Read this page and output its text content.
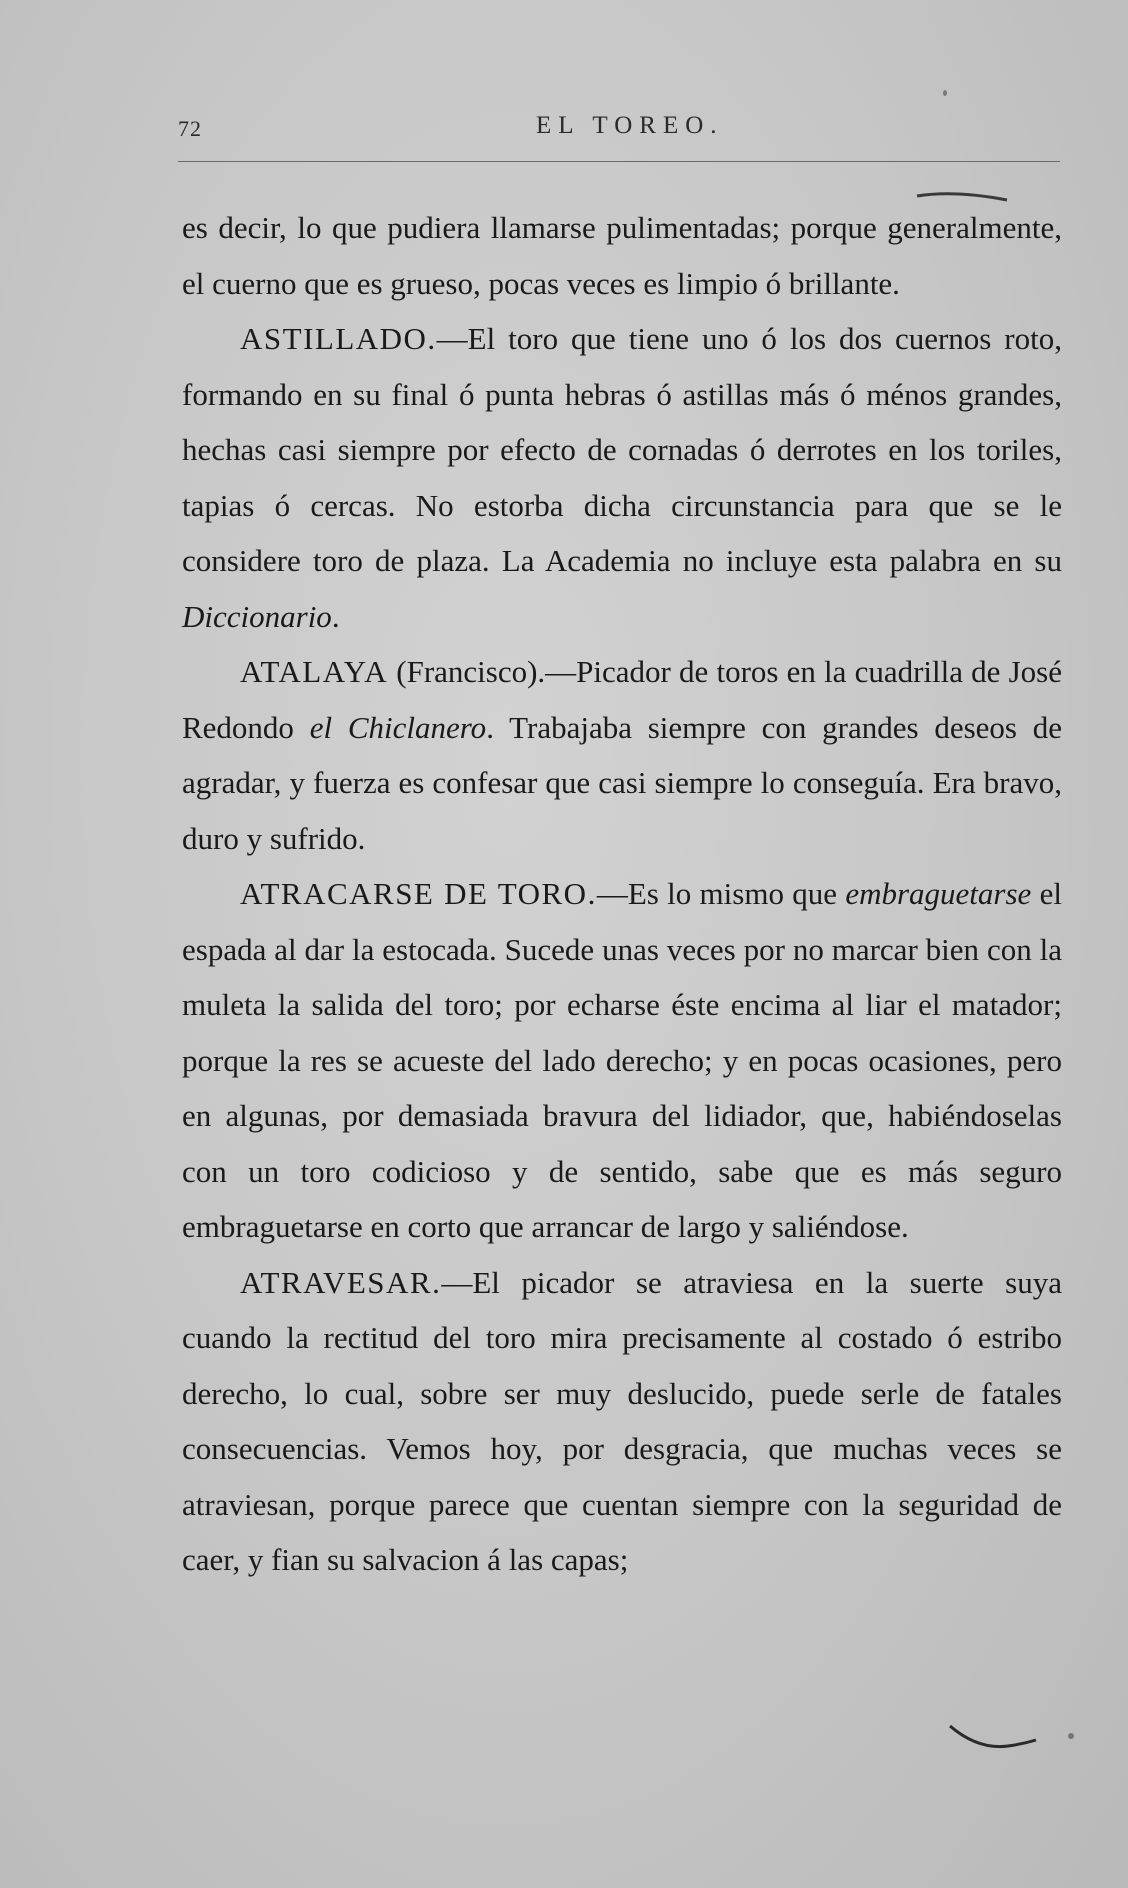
72	EL TOREO.

es decir, lo que pudiera llamarse pulimentadas; porque generalmente, el cuerno que es grueso, pocas veces es limpio ó brillante.

ASTILLADO.—El toro que tiene uno ó los dos cuernos roto, formando en su final ó punta hebras ó astillas más ó ménos grandes, hechas casi siempre por efecto de cornadas ó derrotes en los toriles, tapias ó cercas. No estorba dicha circunstancia para que se le considere toro de plaza. La Academia no incluye esta palabra en su Diccionario.

ATALAYA (Francisco).—Picador de toros en la cuadrilla de José Redondo el Chiclanero. Trabajaba siempre con grandes deseos de agradar, y fuerza es confesar que casi siempre lo conseguía. Era bravo, duro y sufrido.

ATRACARSE DE TORO.—Es lo mismo que embraguetarse el espada al dar la estocada. Sucede unas veces por no marcar bien con la muleta la salida del toro; por echarse éste encima al liar el matador; porque la res se acueste del lado derecho; y en pocas ocasiones, pero en algunas, por demasiada bravura del lidiador, que, habiéndoselas con un toro codicioso y de sentido, sabe que es más seguro embraguetarse en corto que arrancar de largo y saliéndose.

ATRAVESAR.—El picador se atraviesa en la suerte suya cuando la rectitud del toro mira precisamente al costado ó estribo derecho, lo cual, sobre ser muy deslucido, puede serle de fatales consecuencias. Vemos hoy, por desgracia, que muchas veces se atraviesan, porque parece que cuentan siempre con la seguridad de caer, y fian su salvacion á las capas;
